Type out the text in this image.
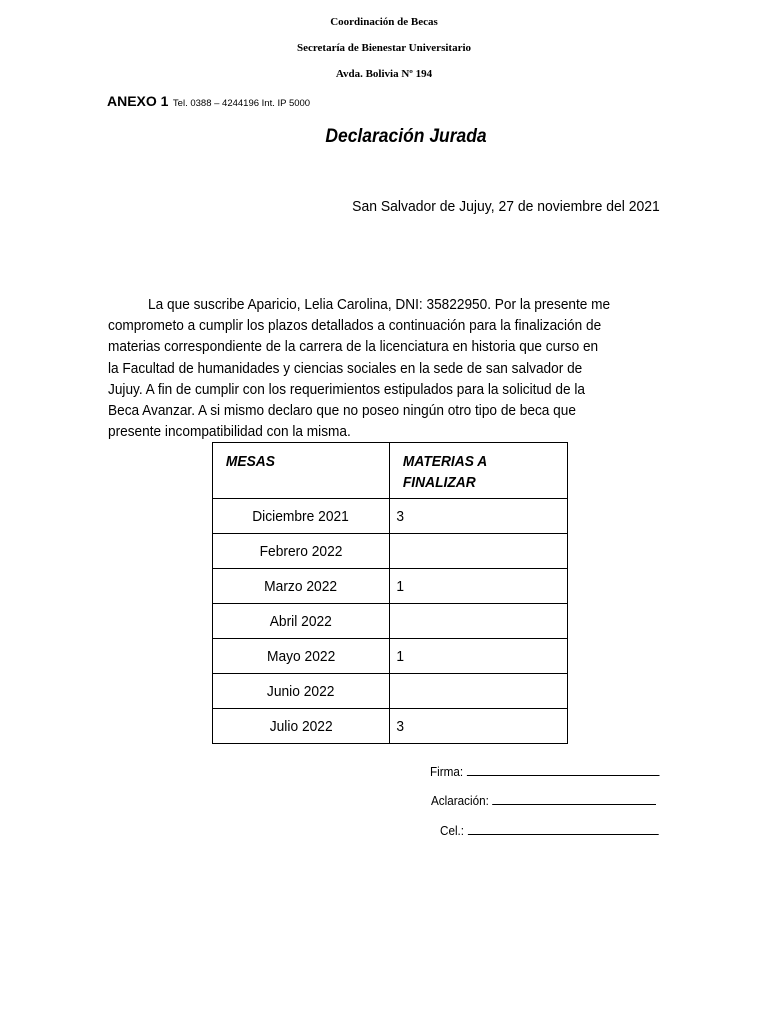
Coordinación de Becas
Secretaría de Bienestar Universitario
Avda. Bolivia Nº 194
ANEXO 1 Tel. 0388 – 4244196 Int. IP 5000
Declaración Jurada
San Salvador de Jujuy, 27 de noviembre del 2021
La que suscribe Aparicio, Lelia Carolina, DNI: 35822950. Por la presente me
comprometo a cumplir los plazos detallados a continuación para la finalización de
materias correspondiente de la carrera de la licenciatura en historia que curso en
la Facultad de humanidades y ciencias sociales en la sede de san salvador de
Jujuy. A fin de cumplir con los requerimientos estipulados para la solicitud de la
Beca Avanzar. A si mismo declaro que no poseo ningún otro tipo de beca que
presente incompatibilidad con la misma.
MESAS	MATERIAS A
FINALIZAR

Diciembre 2021	3
Febrero 2022	
Marzo 2022	1
Abril 2022	
Mayo 2022	1
Junio 2022	
Julio 2022	3
Firma:
Aclaración:
Cel.:
